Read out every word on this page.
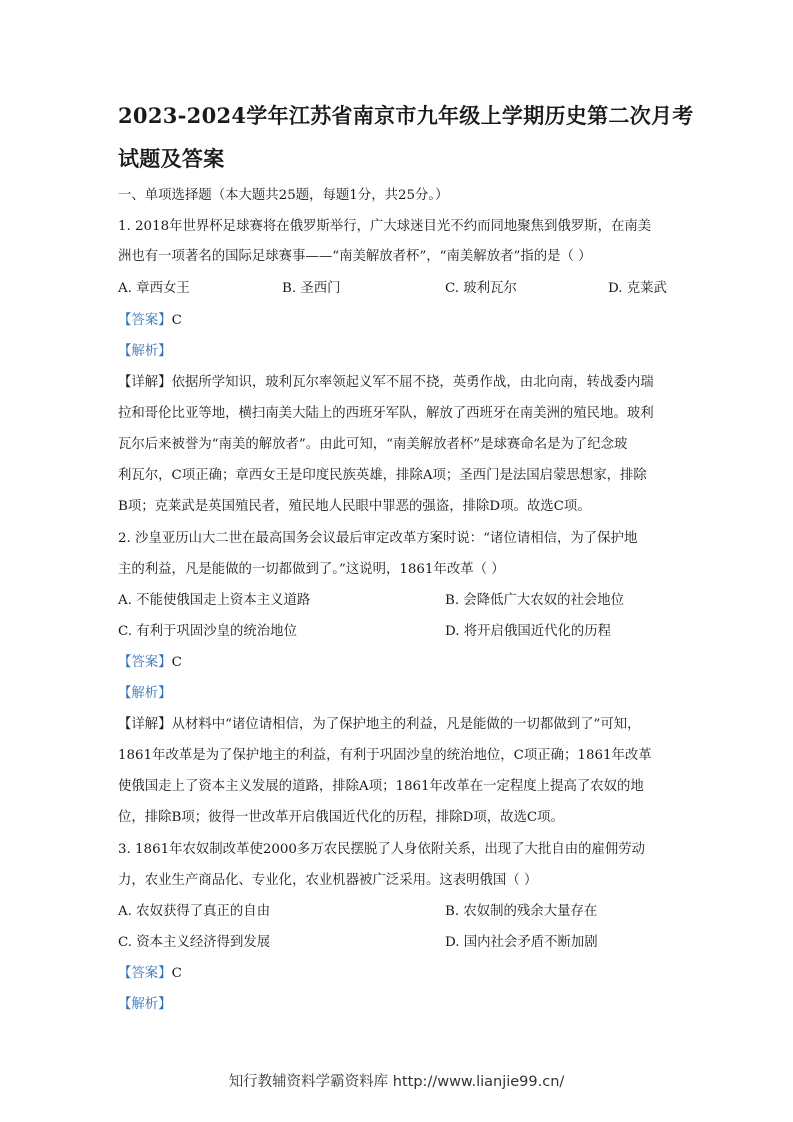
2023-2024学年江苏省南京市九年级上学期历史第二次月考
试题及答案
一、单项选择题（本大题共25题，每题1分，共25分。）
1. 2018年世界杯足球赛将在俄罗斯举行，广大球迷目光不约而同地聚焦到俄罗斯，在南美
洲也有一项著名的国际足球赛事——“南美解放者杯”，“南美解放者”指的是（ ）
A. 章西女王	B. 圣西门	C. 玻利瓦尔	D. 克莱武
【答案】C
【解析】
【详解】依据所学知识，玻利瓦尔率领起义军不屈不挠，英勇作战，由北向南，转战委内瑞
拉和哥伦比亚等地，横扫南美大陆上的西班牙军队，解放了西班牙在南美洲的殖民地。玻利
瓦尔后来被誉为“南美的解放者”。由此可知，“南美解放者杯”是球赛命名是为了纪念玻
利瓦尔，C项正确；章西女王是印度民族英雄，排除A项；圣西门是法国启蒙思想家，排除
B项；克莱武是英国殖民者，殖民地人民眼中罪恶的强盗，排除D项。故选C项。
2. 沙皇亚历山大二世在最高国务会议最后审定改革方案时说：“诸位请相信，为了保护地
主的利益，凡是能做的一切都做到了。”这说明，1861年改革（ ）
A. 不能使俄国走上资本主义道路	B. 会降低广大农奴的社会地位
C. 有利于巩固沙皇的统治地位	D. 将开启俄国近代化的历程
【答案】C
【解析】
【详解】从材料中“诸位请相信，为了保护地主的利益，凡是能做的一切都做到了”可知，
1861年改革是为了保护地主的利益，有利于巩固沙皇的统治地位，C项正确；1861年改革
使俄国走上了资本主义发展的道路，排除A项；1861年改革在一定程度上提高了农奴的地
位，排除B项；彼得一世改革开启俄国近代化的历程，排除D项，故选C项。
3. 1861年农奴制改革使2000多万农民摆脱了人身依附关系，出现了大批自由的雇佣劳动
力，农业生产商品化、专业化，农业机器被广泛采用。这表明俄国（ ）
A. 农奴获得了真正的自由	B. 农奴制的残余大量存在
C. 资本主义经济得到发展	D. 国内社会矛盾不断加剧
【答案】C
【解析】
知行教辅资料学霸资料库 http://www.lianjie99.cn/
